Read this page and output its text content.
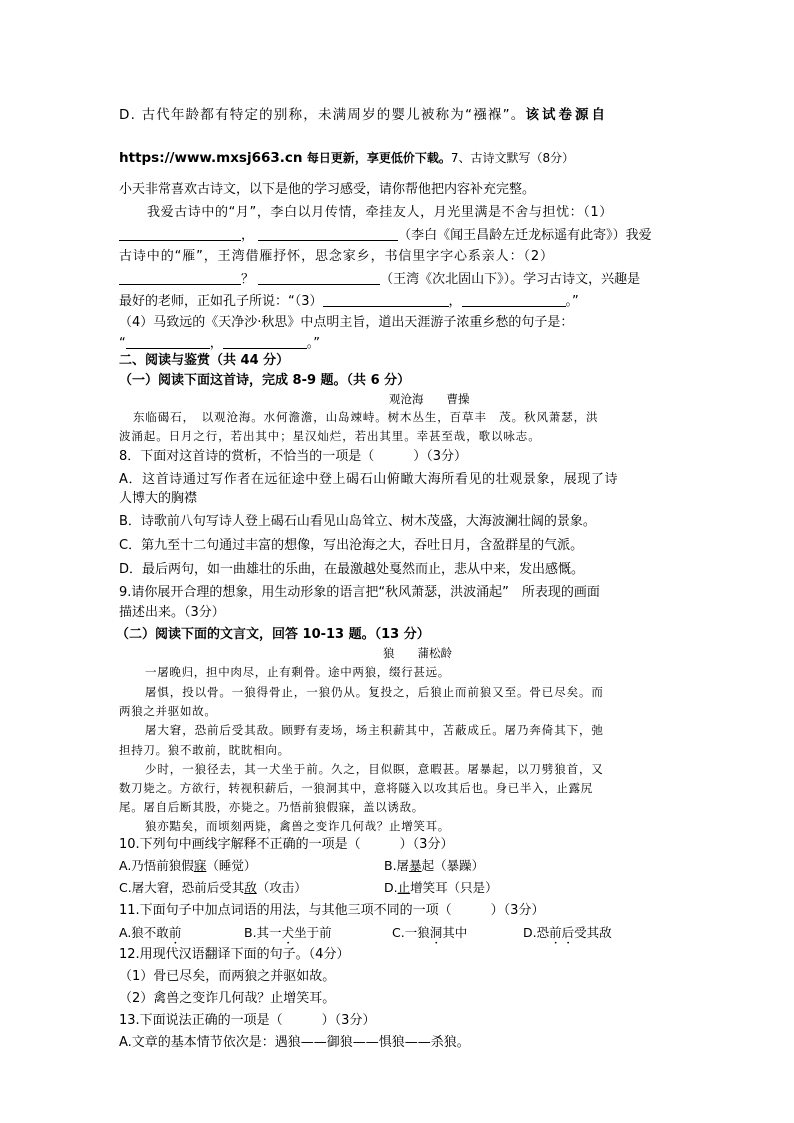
D. 古代年龄都有特定的别称，未满周岁的婴儿被称为“襁褓”。该试卷源自
https://www.mxsj663.cn 每日更新，享更低价下载。7、古诗文默写（8分）
小天非常喜欢古诗文，以下是他的学习感受，请你帮他把内容补充完整。
我爱古诗中的“月”，李白以月传情，牵挂友人，月光里满是不舍与担忧：（1）
，	（李白《闻王昌龄左迁龙标遥有此寄》）我爱
古诗中的“雁”，王湾借雁抒怀，思念家乡，书信里字字心系亲人：（2）
？	（王湾《次北固山下》）。学习古诗文，兴趣是
最好的老师，正如孔子所说：“（3）	，	。”
（4）马致远的《天净沙·秋思》中点明主旨，道出天涯游子浓重乡愁的句子是：
“	，	。”
二、阅读与鉴赏（共 44 分）
（一）阅读下面这首诗，完成 8-9 题。（共 6 分）
观沧海　　 曹操
东临碣石，　以观沧海。水何澹澹，山岛竦峙。树木丛生，百草丰　茂。秋风萧瑟，洪
波涌起。日月之行，若出其中；星汉灿烂，若出其里。幸甚至哉，歌以咏志。
8．下面对这首诗的赏析，不恰当的一项是（　　　）（3分）
A．这首诗通过写作者在远征途中登上碣石山俯瞰大海所看见的壮观景象，展现了诗
人博大的胸襟
B．诗歌前八句写诗人登上碣石山看见山岛耸立、树木茂盛，大海波澜壮阔的景象。
C．第九至十二句通过丰富的想像，写出沧海之大，吞吐日月，含盈群星的气派。
D．最后两句，如一曲雄壮的乐曲，在最激越处戛然而止，悲从中来，发出感慨。
9.请你展开合理的想象，用生动形象的语言把“秋风萧瑟，洪波涌起”　所表现的画面
描述出来。（3分）
（二）阅读下面的文言文，回答 10-13 题。（13 分）
狼　　 蒲松龄
一屠晚归，担中肉尽，止有剩骨。途中两狼，缀行甚远。
屠惧，投以骨。一狼得骨止，一狼仍从。复投之，后狼止而前狼又至。骨已尽矣。而
两狼之并驱如故。
屠大窘，恐前后受其敌。顾野有麦场，场主积薪其中，苫蔽成丘。屠乃奔倚其下，弛
担持刀。狼不敢前，眈眈相向。
少时，一狼径去，其一犬坐于前。久之，目似瞑，意暇甚。屠暴起，以刀劈狼首，又
数刀毙之。方欲行，转视积薪后，一狼洞其中，意将隧入以攻其后也。身已半入，止露尻
尾。屠自后断其股，亦毙之。乃悟前狼假寐，盖以诱敌。
狼亦黠矣，而顷刻两毙，禽兽之变诈几何哉？止增笑耳。
10.下列句中画线字解释不正确的一项是（　　　）（3分）
A.乃悟前狼假寐（睡觉）	B.屠暴起（暴躁）
C.屠大窘，恐前后受其敌（攻击）	D.止增笑耳（只是）
11.下面句子中加点词语的用法，与其他三项不同的一项（　　　）（3分）
A.狼不敢前	B.其一犬坐于前	C.一狼洞其中	D.恐前后受其敌
12.用现代汉语翻译下面的句子。（4分）
（1）骨已尽矣，而两狼之并驱如故。
（2）禽兽之变诈几何哉？止增笑耳。
13.下面说法正确的一项是（　　　）（3分）
A.文章的基本情节依次是：遇狼——御狼——惧狼——杀狼。
